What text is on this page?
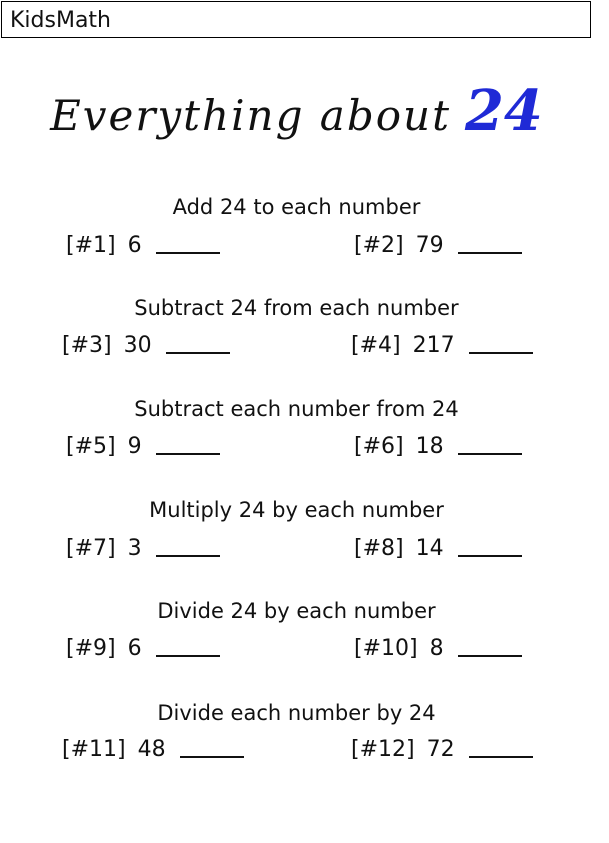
KidsMath
Everything about 24
Add 24 to each number
[#1] 6	[#2] 79
Subtract 24 from each number
[#3] 30	[#4] 217
Subtract each number from 24
[#5] 9	[#6] 18
Multiply 24 by each number
[#7] 3	[#8] 14
Divide 24 by each number
[#9] 6	[#10] 8
Divide each number by 24
[#11] 48	[#12] 72
